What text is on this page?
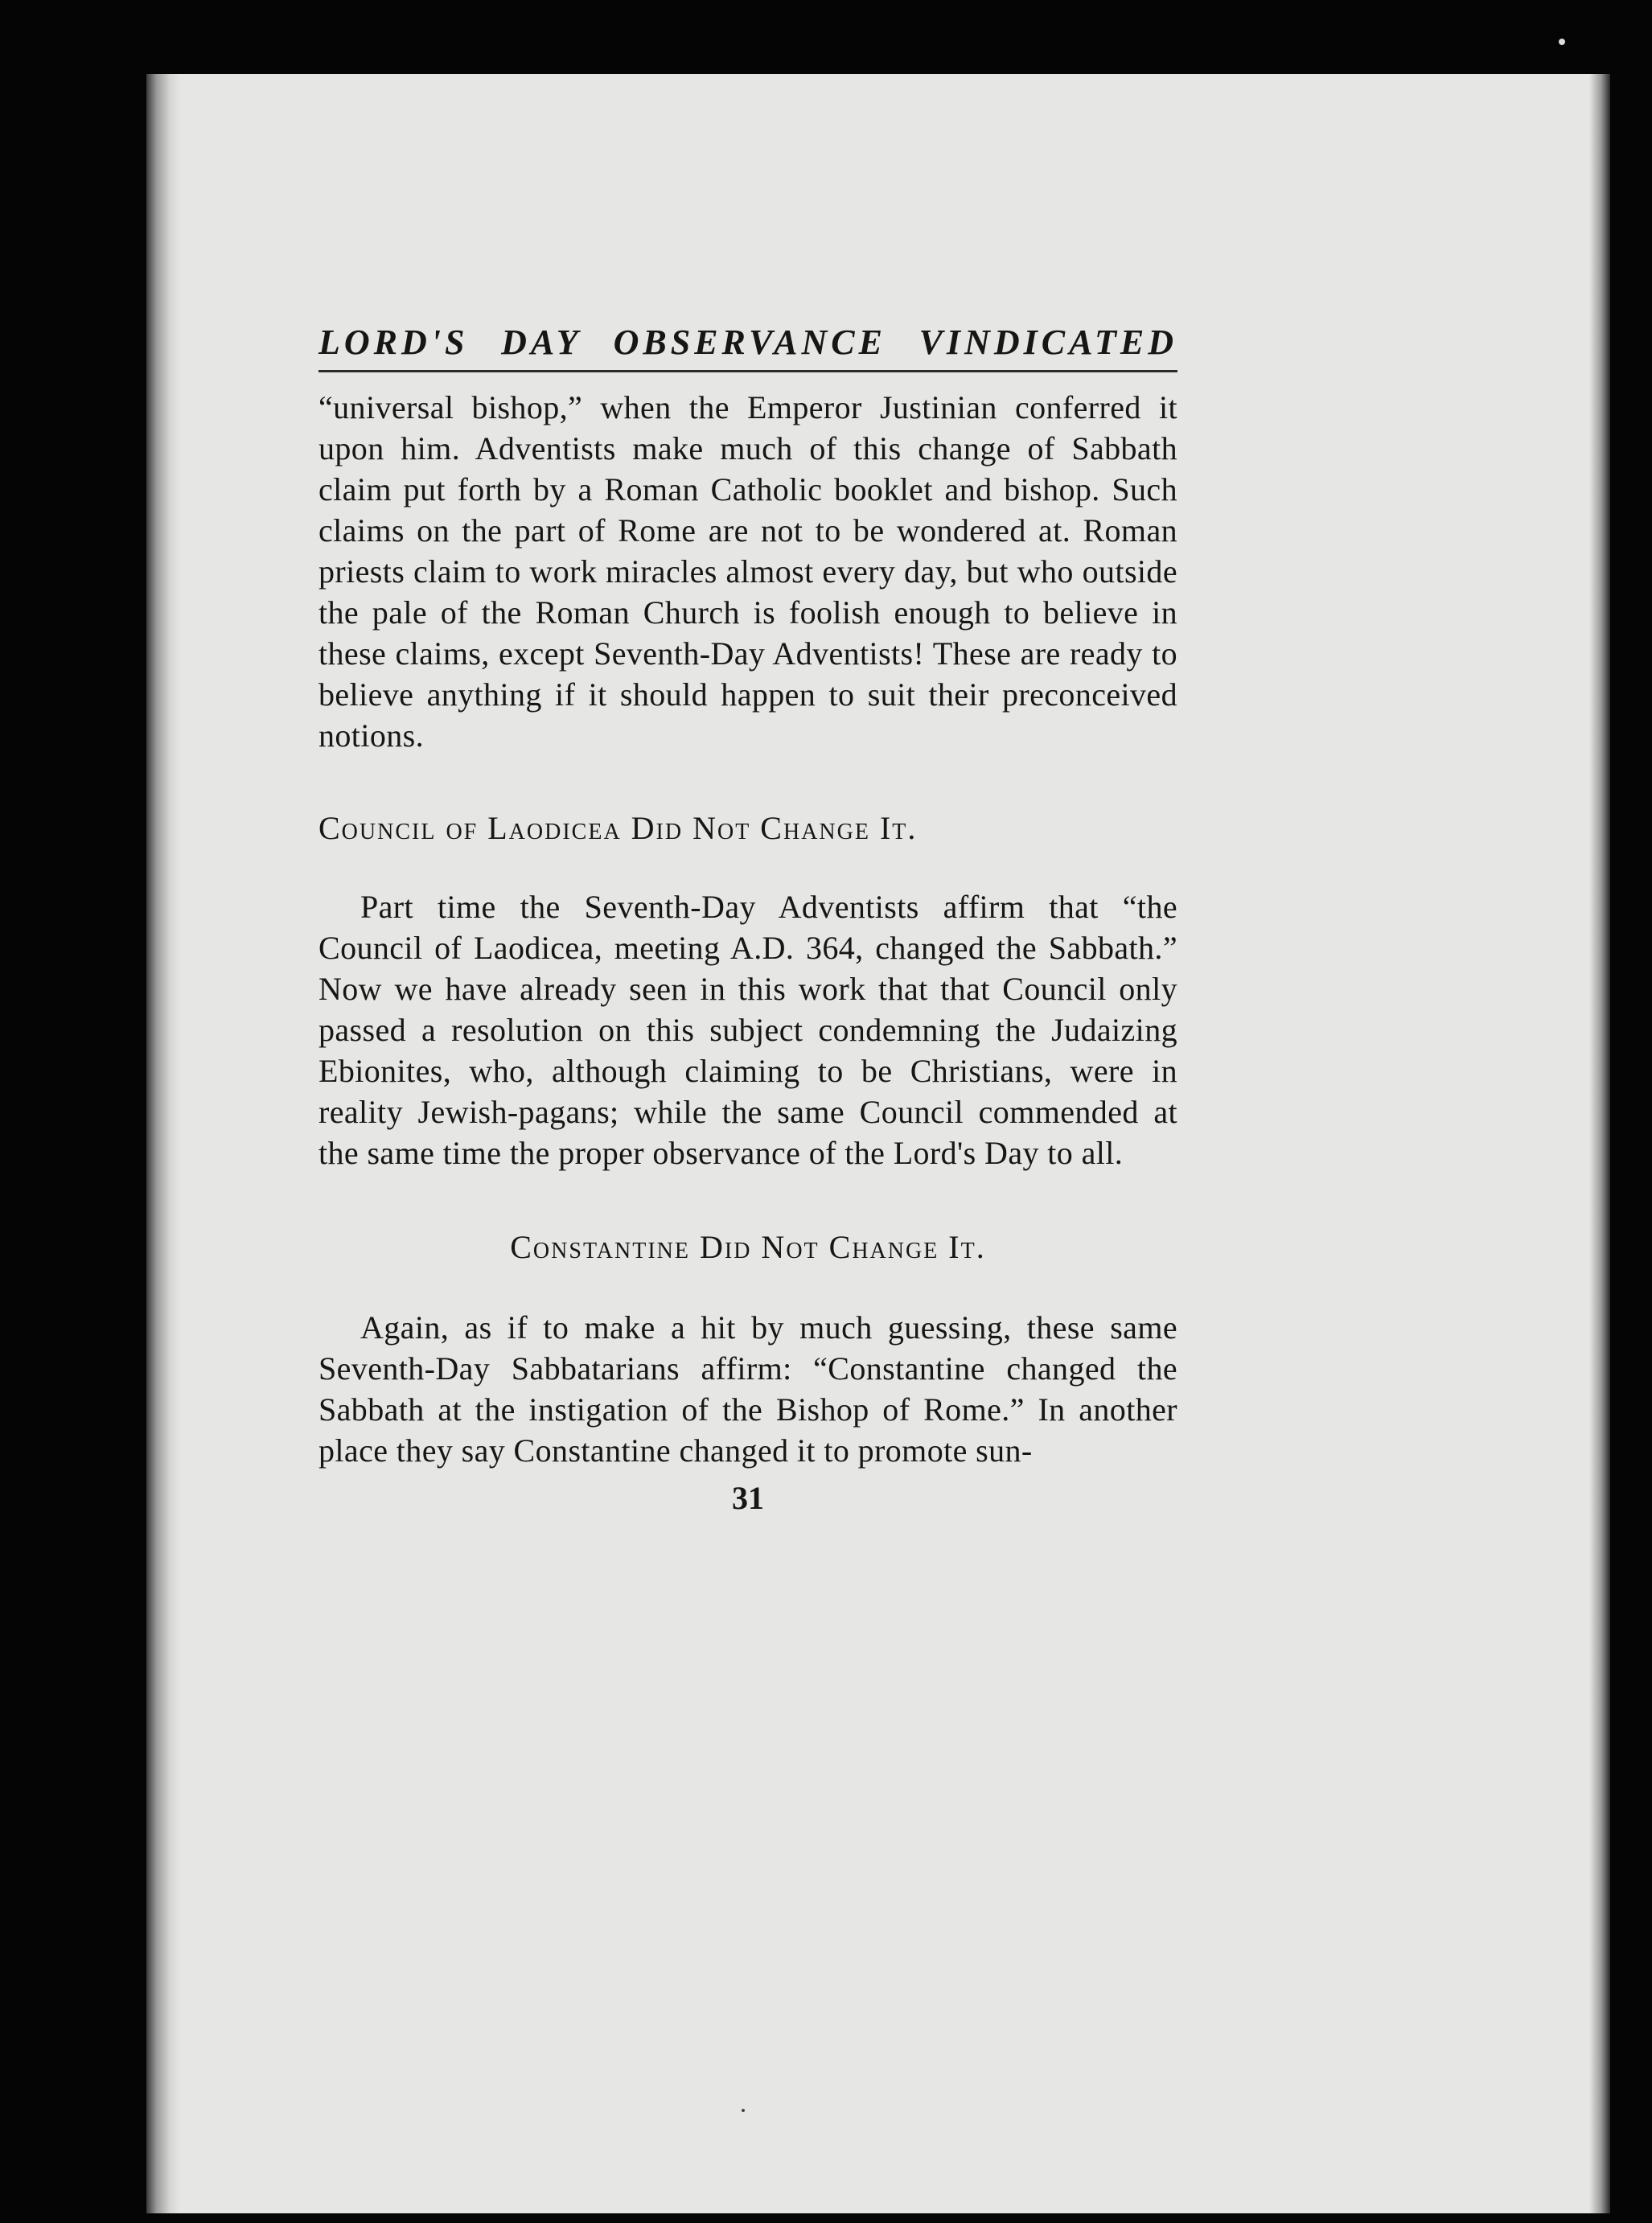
LORD'S DAY OBSERVANCE VINDICATED

“universal bishop,” when the Emperor Justinian conferred it upon him. Adventists make much of this change of Sabbath claim put forth by a Roman Catholic booklet and bishop. Such claims on the part of Rome are not to be wondered at. Roman priests claim to work miracles almost every day, but who outside the pale of the Roman Church is foolish enough to believe in these claims, except Seventh-Day Adventists! These are ready to believe anything if it should happen to suit their preconceived notions.

Council of Laodicea Did Not Change It.

Part time the Seventh-Day Adventists affirm that “the Council of Laodicea, meeting A.D. 364, changed the Sabbath.” Now we have already seen in this work that that Council only passed a resolution on this subject condemning the Judaizing Ebionites, who, although claiming to be Christians, were in reality Jewish-pagans; while the same Council commended at the same time the proper observance of the Lord's Day to all.

Constantine Did Not Change It.

Again, as if to make a hit by much guessing, these same Seventh-Day Sabbatarians affirm: “Constantine changed the Sabbath at the instigation of the Bishop of Rome.” In another place they say Constantine changed it to promote sun-

31
